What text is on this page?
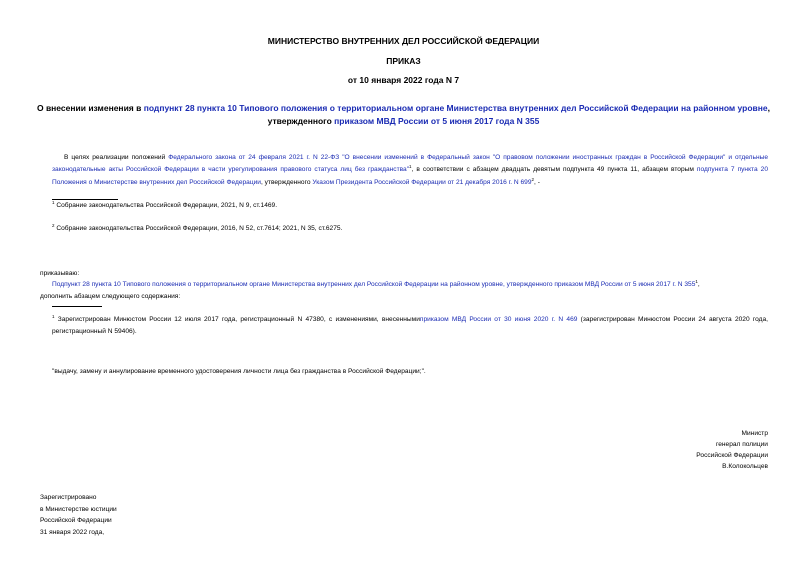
МИНИСТЕРСТВО ВНУТРЕННИХ ДЕЛ РОССИЙСКОЙ ФЕДЕРАЦИИ
ПРИКАЗ
от 10 января 2022 года N 7
О внесении изменения в подпункт 28 пункта 10 Типового положения о территориальном органе Министерства внутренних дел Российской Федерации на районном уровне, утвержденного приказом МВД России от 5 июня 2017 года N 355
В целях реализации положений Федерального закона от 24 февраля 2021 г. N 22-ФЗ "О внесении изменений в Федеральный закон "О правовом положении иностранных граждан в Российской Федерации" и отдельные законодательные акты Российской Федерации в части урегулирования правового статуса лиц без гражданства"$^1$, в соответствии с абзацем двадцать девятым подпункта 49 пункта 11, абзацем вторым подпункта 7 пункта 20 Положения о Министерстве внутренних дел Российской Федерации, утвержденного Указом Президента Российской Федерации от 21 декабря 2016 г. N $699^2$, -
$^1$ Собрание законодательства Российской Федерации, 2021, N 9, ст.1469.
$^2$ Собрание законодательства Российской Федерации, 2016, N 52, ст.7614; 2021, N 35, ст.6275.
приказываю:
Подпункт 28 пункта 10 Типового положения о территориальном органе Министерства внутренних дел Российской Федерации на районном уровне, утвержденного приказом МВД России от 5 июня 2017 г. N $355^1$,
дополнить абзацем следующего содержания:
$^1$ Зарегистрирован Минюстом России 12 июля 2017 года, регистрационный N 47380, с изменениями, внесеннымиприказом МВД России от 30 июня 2020 г. N 469 (зарегистрирован Минюстом России 24 августа 2020 года, регистрационный N 59406).
"выдачу, замену и аннулирование временного удостоверения личности лица без гражданства в Российской Федерации;".
Министр
генерал полиции
Российской Федерации
В.Колокольцев
Зарегистрировано
в Министерстве юстиции
Российской Федерации
31 января 2022 года,
